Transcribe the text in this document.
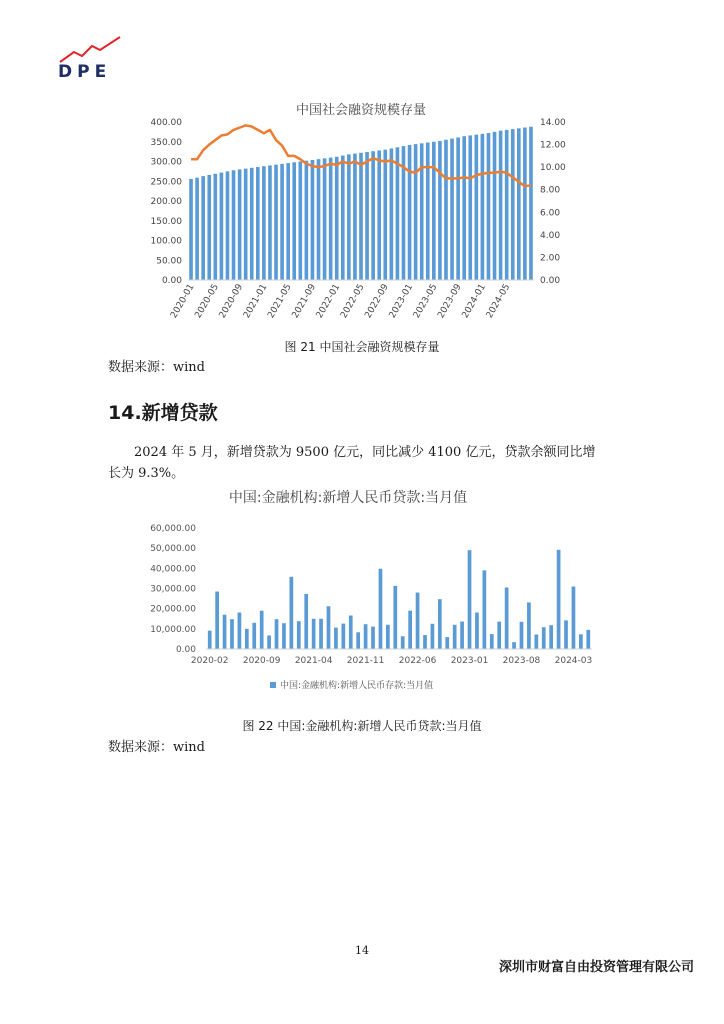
DPE
中国社会融资规模存量
0.00
50.00
100.00
150.00
200.00
250.00
300.00
350.00
400.00
0.00
2.00
4.00
6.00
8.00
10.00
12.00
14.00
2020-01
2020-05
2020-09
2021-01
2021-05
2021-09
2022-01
2022-05
2022-09
2023-01
2023-05
2023-09
2024-01
2024-05
图 21 中国社会融资规模存量
数据来源：wind
14.新增贷款
2024 年 5 月，新增贷款为 9500 亿元，同比减少 4100 亿元，贷款余额同比增长为 9.3%。
中国:金融机构:新增人民币贷款:当月值
0.00
10,000.00
20,000.00
30,000.00
40,000.00
50,000.00
60,000.00
2020-02 2020-09 2021-04 2021-11 2022-06 2023-01 2023-08 2024-03
中国:金融机构:新增人民币存款:当月值
图 22 中国:金融机构:新增人民币贷款:当月值
数据来源：wind
14
深圳市财富自由投资管理有限公司
